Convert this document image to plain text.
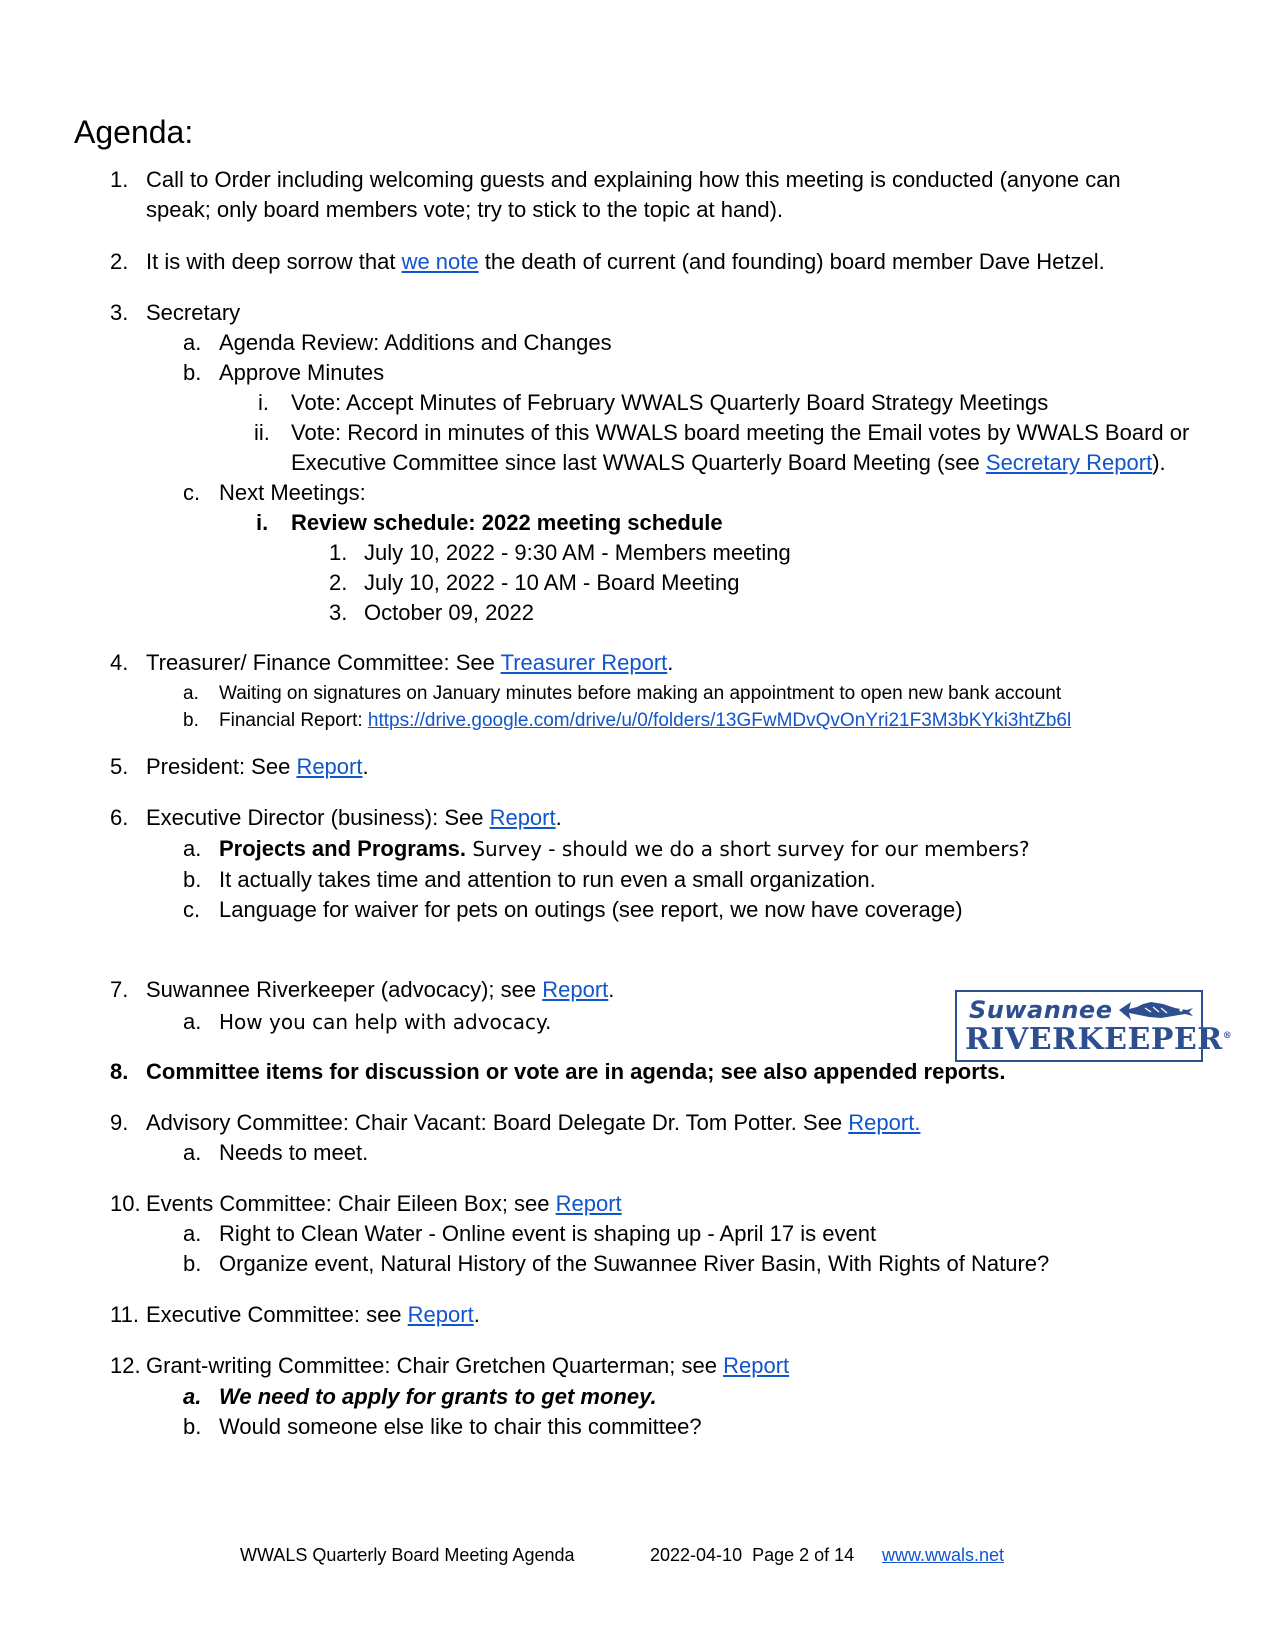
Agenda:
1. Call to Order including welcoming guests and explaining how this meeting is conducted (anyone can
speak; only board members vote; try to stick to the topic at hand).
2. It is with deep sorrow that we note the death of current (and founding) board member Dave Hetzel.
3. Secretary
a. Agenda Review: Additions and Changes
b. Approve Minutes
i. Vote: Accept Minutes of February WWALS Quarterly Board Strategy Meetings
ii. Vote: Record in minutes of this WWALS board meeting the Email votes by WWALS Board or
Executive Committee since last WWALS Quarterly Board Meeting (see Secretary Report).
c. Next Meetings:
i. Review schedule: 2022 meeting schedule
1. July 10, 2022 - 9:30 AM - Members meeting
2. July 10, 2022 - 10 AM - Board Meeting
3. October 09, 2022
4. Treasurer/ Finance Committee: See Treasurer Report.
a. Waiting on signatures on January minutes before making an appointment to open new bank account
b. Financial Report: https://drive.google.com/drive/u/0/folders/13GFwMDvQvOnYri21F3M3bKYki3htZb6l
5. President: See Report.
6. Executive Director (business): See Report.
a. Projects and Programs. Survey - should we do a short survey for our members?
b. It actually takes time and attention to run even a small organization.
c. Language for waiver for pets on outings (see report, we now have coverage)
7. Suwannee Riverkeeper (advocacy); see Report.
a. How you can help with advocacy.	Suwannee
RIVERKEEPER®
8. Committee items for discussion or vote are in agenda; see also appended reports.
9. Advisory Committee: Chair Vacant: Board Delegate Dr. Tom Potter. See Report.
a. Needs to meet.
10. Events Committee: Chair Eileen Box; see Report
a. Right to Clean Water - Online event is shaping up - April 17 is event
b. Organize event, Natural History of the Suwannee River Basin, With Rights of Nature?
11. Executive Committee: see Report.
12. Grant-writing Committee: Chair Gretchen Quarterman; see Report
a. We need to apply for grants to get money.
b. Would someone else like to chair this committee?
WWALS Quarterly Board Meeting Agenda	2022-04-10  Page 2 of 14 www.wwals.net
